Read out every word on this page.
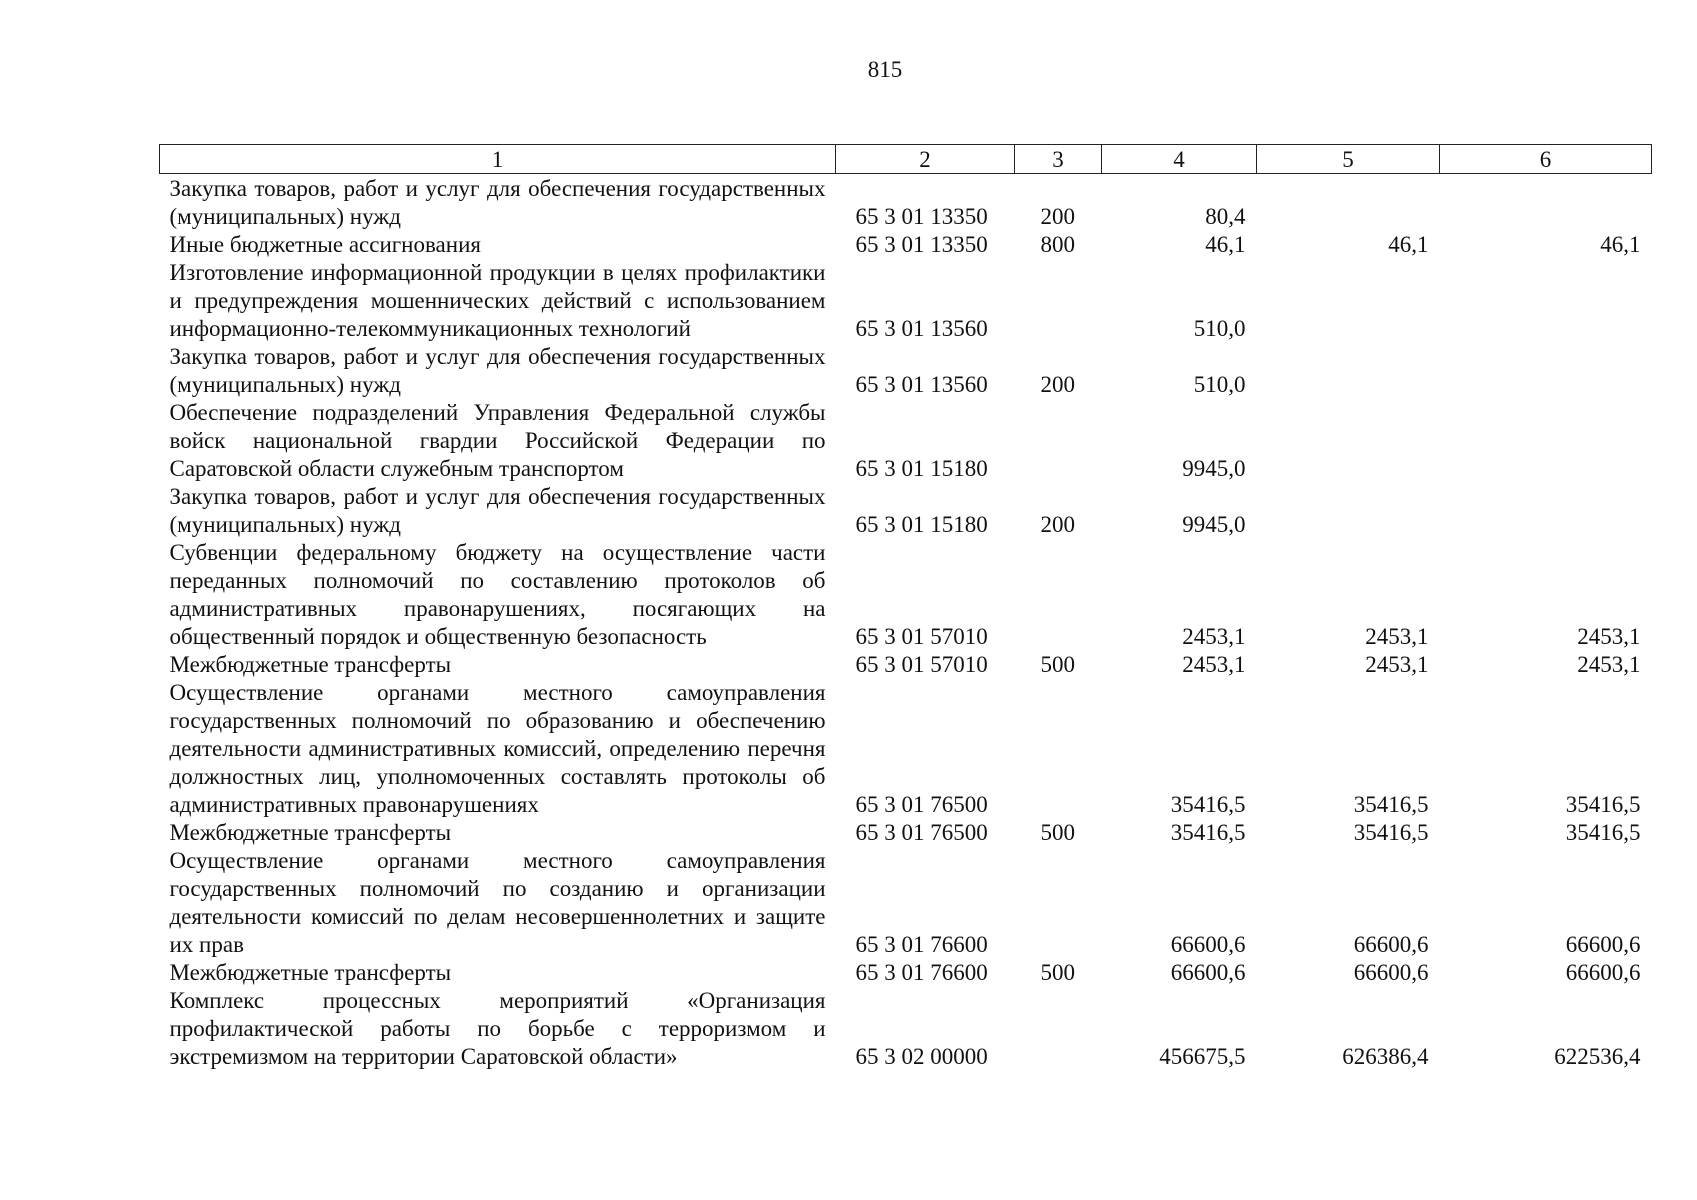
815
1	2	3	4	5	6
Закупка товаров, работ и услуг для обеспечения государственных (муниципальных) нужд	65 3 01 13350	200	80,4		
Иные бюджетные ассигнования	65 3 01 13350	800	46,1	46,1	46,1
Изготовление информационной продукции в целях профилактики и предупреждения мошеннических действий с использованием информационно-телекоммуникационных технологий	65 3 01 13560		510,0		
Закупка товаров, работ и услуг для обеспечения государственных (муниципальных) нужд	65 3 01 13560	200	510,0		
Обеспечение подразделений Управления Федеральной службы войск национальной гвардии Российской Федерации по Саратовской области служебным транспортом	65 3 01 15180		9945,0		
Закупка товаров, работ и услуг для обеспечения государственных (муниципальных) нужд	65 3 01 15180	200	9945,0		
Субвенции федеральному бюджету на осуществление части переданных полномочий по составлению протоколов об административных правонарушениях, посягающих на общественный порядок и общественную безопасность	65 3 01 57010		2453,1	2453,1	2453,1
Межбюджетные трансферты	65 3 01 57010	500	2453,1	2453,1	2453,1
Осуществление органами местного самоуправления государственных полномочий по образованию и обеспечению деятельности административных комиссий, определению перечня должностных лиц, уполномоченных составлять протоколы об административных правонарушениях	65 3 01 76500		35416,5	35416,5	35416,5
Межбюджетные трансферты	65 3 01 76500	500	35416,5	35416,5	35416,5
Осуществление органами местного самоуправления государственных полномочий по созданию и организации деятельности комиссий по делам несовершеннолетних и защите их прав	65 3 01 76600		66600,6	66600,6	66600,6
Межбюджетные трансферты	65 3 01 76600	500	66600,6	66600,6	66600,6
Комплекс процессных мероприятий «Организация профилактической работы по борьбе с терроризмом и экстремизмом на территории Саратовской области»	65 3 02 00000		456675,5	626386,4	622536,4
